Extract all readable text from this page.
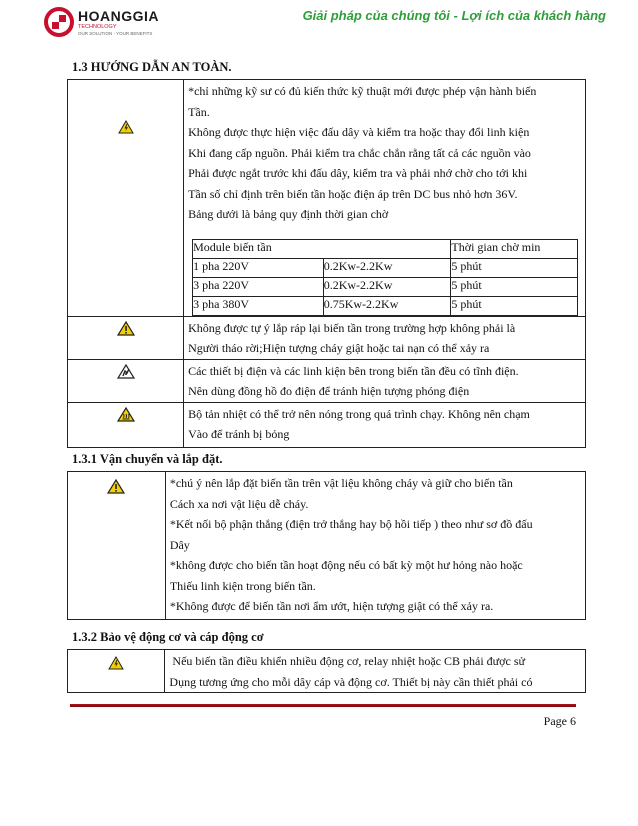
HOANGGIA
TECHNOLOGY
OUR SOLUTION - YOUR BENEFITS
Giải pháp của chúng tôi - Lợi ích của khách hàng
1.3 HƯỚNG DẪN AN TOÀN.

*chỉ những kỹ sư có đủ kiến thức kỹ thuật mới được phép vận hành biến
Tần.
Không được thực hiện việc đấu dây và kiểm tra hoặc thay đổi linh kiện
Khi đang cấp nguồn. Phải kiểm tra chắc chắn rằng tất cả các nguồn vào
Phải được ngắt trước khi đấu dây, kiểm tra và phải nhớ chờ cho tới khi
Tần số chỉ định trên biến tần hoặc điện áp trên DC bus nhỏ hơn 36V.
Bảng dưới là bảng quy định thời gian chờ
Module biến tần	Thời gian chờ min
1 pha 220V	0.2Kw-2.2Kw	5 phút
3 pha 220V	0.2Kw-2.2Kw	5 phút
3 pha 380V	0.75Kw-2.2Kw	5 phút

Không được tự ý lắp ráp lại biến tần trong trường hợp không phải là
Người tháo rời;Hiện tượng cháy giật hoặc tai nạn có thể xảy ra

Các thiết bị điện và các linh kiện bên trong biến tần đều có tĩnh điện.
Nên dùng đồng hồ đo điện để tránh hiện tượng phóng điện

Bộ tản nhiệt có thể trở nên nóng trong quá trình chạy. Không nên chạm
Vào để tránh bị bỏng
1.3.1 Vận chuyển và lắp đặt.

*chú ý nên lắp đặt biến tần trên vật liệu không cháy và giữ cho biến tần
Cách xa nơi vật liệu dễ cháy.
*Kết nối bộ phận thắng (điện trở thắng hay bộ hồi tiếp ) theo như sơ đồ đấu
Dây
*không được cho biến tần hoạt động nếu có bất kỳ một hư hỏng nào hoặc
Thiếu linh kiện trong biến tần.
*Không được để biến tần nơi ẩm ướt, hiện tượng giật có thể xảy ra.
1.3.2 Bảo vệ động cơ và cáp động cơ

Nếu biến tần điều khiển nhiều động cơ, relay nhiệt hoặc CB phải được sử
Dụng tương ứng cho mỗi dây cáp và động cơ. Thiết bị này cần thiết phải có
Page 6
